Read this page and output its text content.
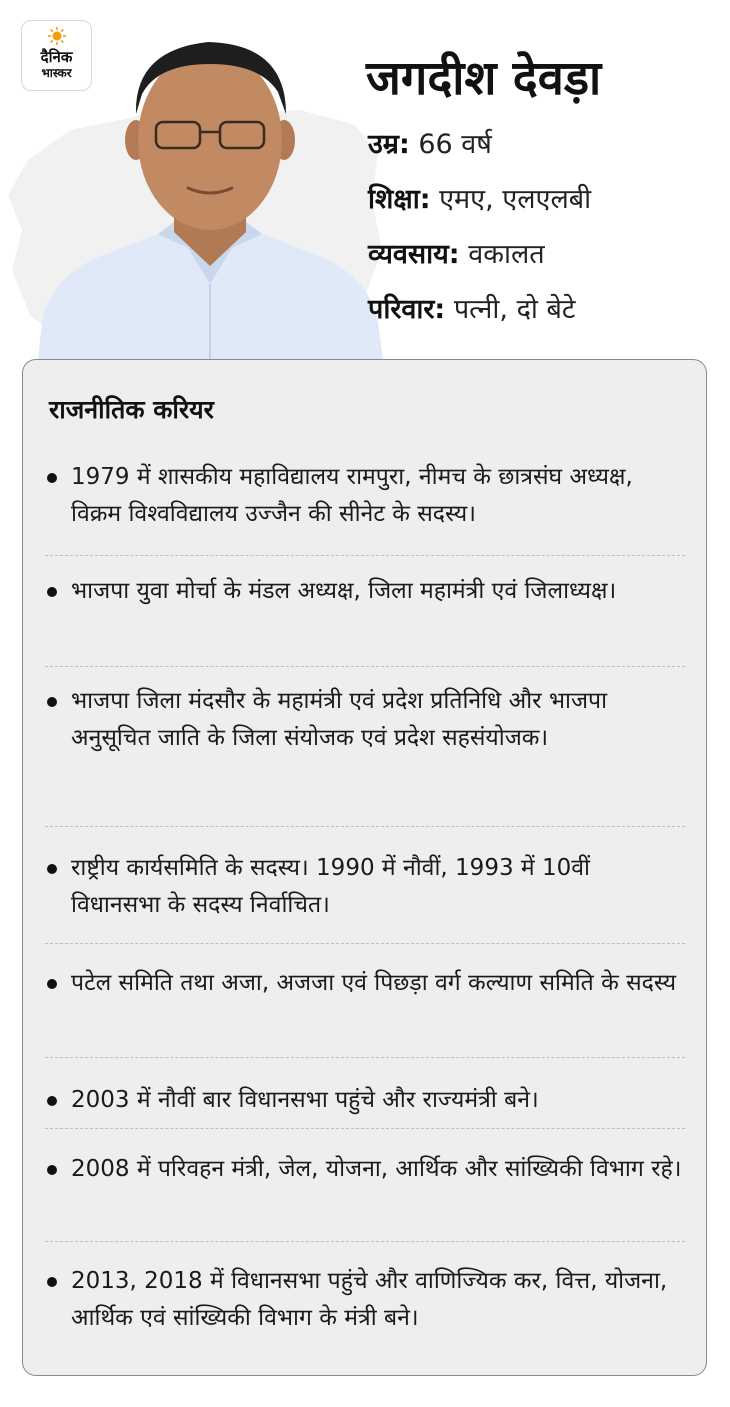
दैनिक
भास्कर	जगदीश देवड़ा
उम्र: 66 वर्ष
शिक्षा: एमए, एलएलबी
व्यवसाय: वकालत
परिवार: पत्नी, दो बेटे
राजनीतिक करियर

1979 में शासकीय महाविद्यालय रामपुरा, नीमच के छात्रसंघ अध्यक्ष, विक्रम विश्वविद्यालय उज्जैन की सीनेट के सदस्य।

भाजपा युवा मोर्चा के मंडल अध्यक्ष, जिला महामंत्री एवं जिलाध्यक्ष।

भाजपा जिला मंदसौर के महामंत्री एवं प्रदेश प्रतिनिधि और भाजपा अनुसूचित जाति के जिला संयोजक एवं प्रदेश सहसंयोजक।

राष्ट्रीय कार्यसमिति के सदस्य। 1990 में नौवीं, 1993 में 10वीं विधानसभा के सदस्य निर्वाचित।

पटेल समिति तथा अजा, अजजा एवं पिछड़ा वर्ग कल्याण समिति के सदस्य

2003 में नौवीं बार विधानसभा पहुंचे और राज्यमंत्री बने।

2008 में परिवहन मंत्री, जेल, योजना, आर्थिक और सांख्यिकी विभाग रहे।

2013, 2018 में विधानसभा पहुंचे और वाणिज्यिक कर, वित्त, योजना, आर्थिक एवं सांख्यिकी विभाग के मंत्री बने।
